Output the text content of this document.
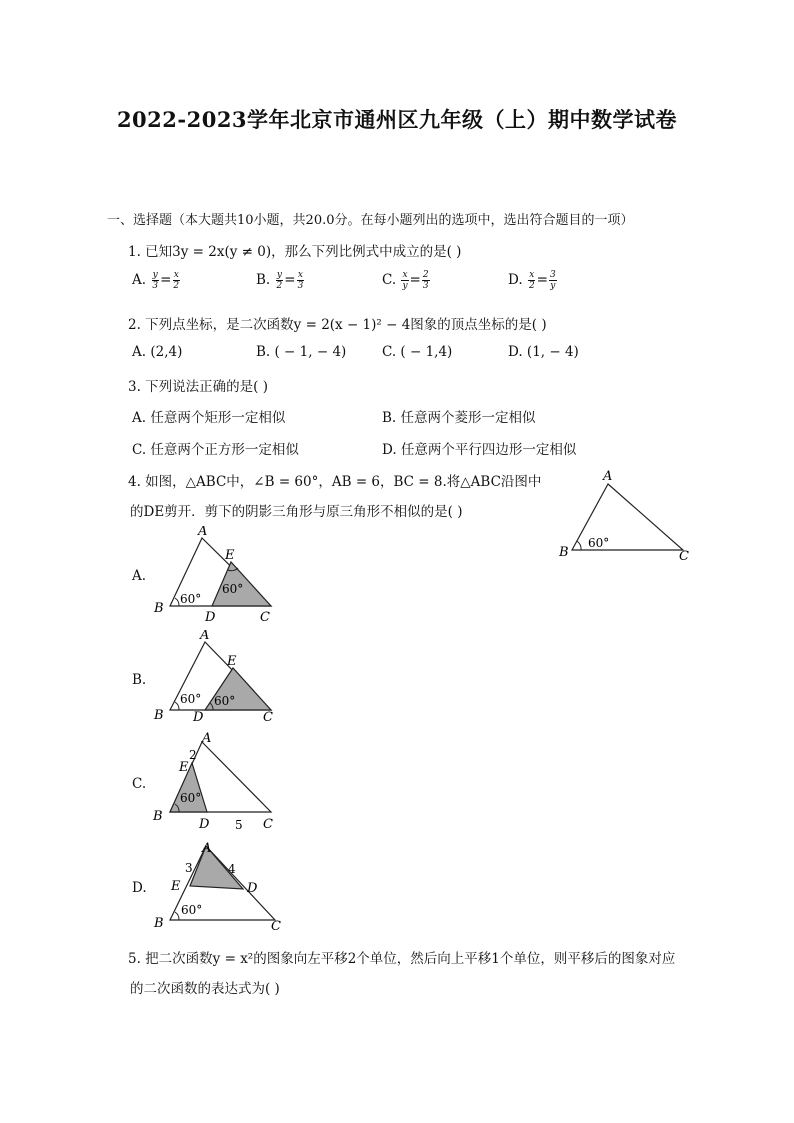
2022-2023学年北京市通州区九年级（上）期中数学试卷
一、选择题（本大题共10小题，共20.0分。在每小题列出的选项中，选出符合题目的一项）
1. 已知3y = 2x(y ≠ 0)，那么下列比例式中成立的是( )
A. $\frac{y}{3} = \frac{x}{2}$	B. $\frac{y}{2} = \frac{x}{3}$	C. $\frac{x}{y} = \frac{2}{3}$	D. $\frac{x}{2} = \frac{3}{y}$
2. 下列点坐标，是二次函数y = 2(x − 1)² − 4图象的顶点坐标的是( )
A. (2,4)	B. ( − 1, − 4)	C. ( − 1,4)	D. (1, − 4)
3. 下列说法正确的是( )
A. 任意两个矩形一定相似	B. 任意两个菱形一定相似
C. 任意两个正方形一定相似	D. 任意两个平行四边形一定相似
4. 如图，△ABC中，∠B = 60°，AB = 6，BC = 8.将△ABC沿图中
的DE剪开．剪下的阴影三角形与原三角形不相似的是( )
A
B	C
60°
A.
A
B
C
D
E
60°
60°
B.
A
B	C
D
E
60° 60°
C.
A
B
C
D
E
2
5
60°
D.
A
B	C
D
E
3	4
60°
5. 把二次函数y = x²的图象向左平移2个单位，然后向上平移1个单位，则平移后的图象对应
的二次函数的表达式为( )
